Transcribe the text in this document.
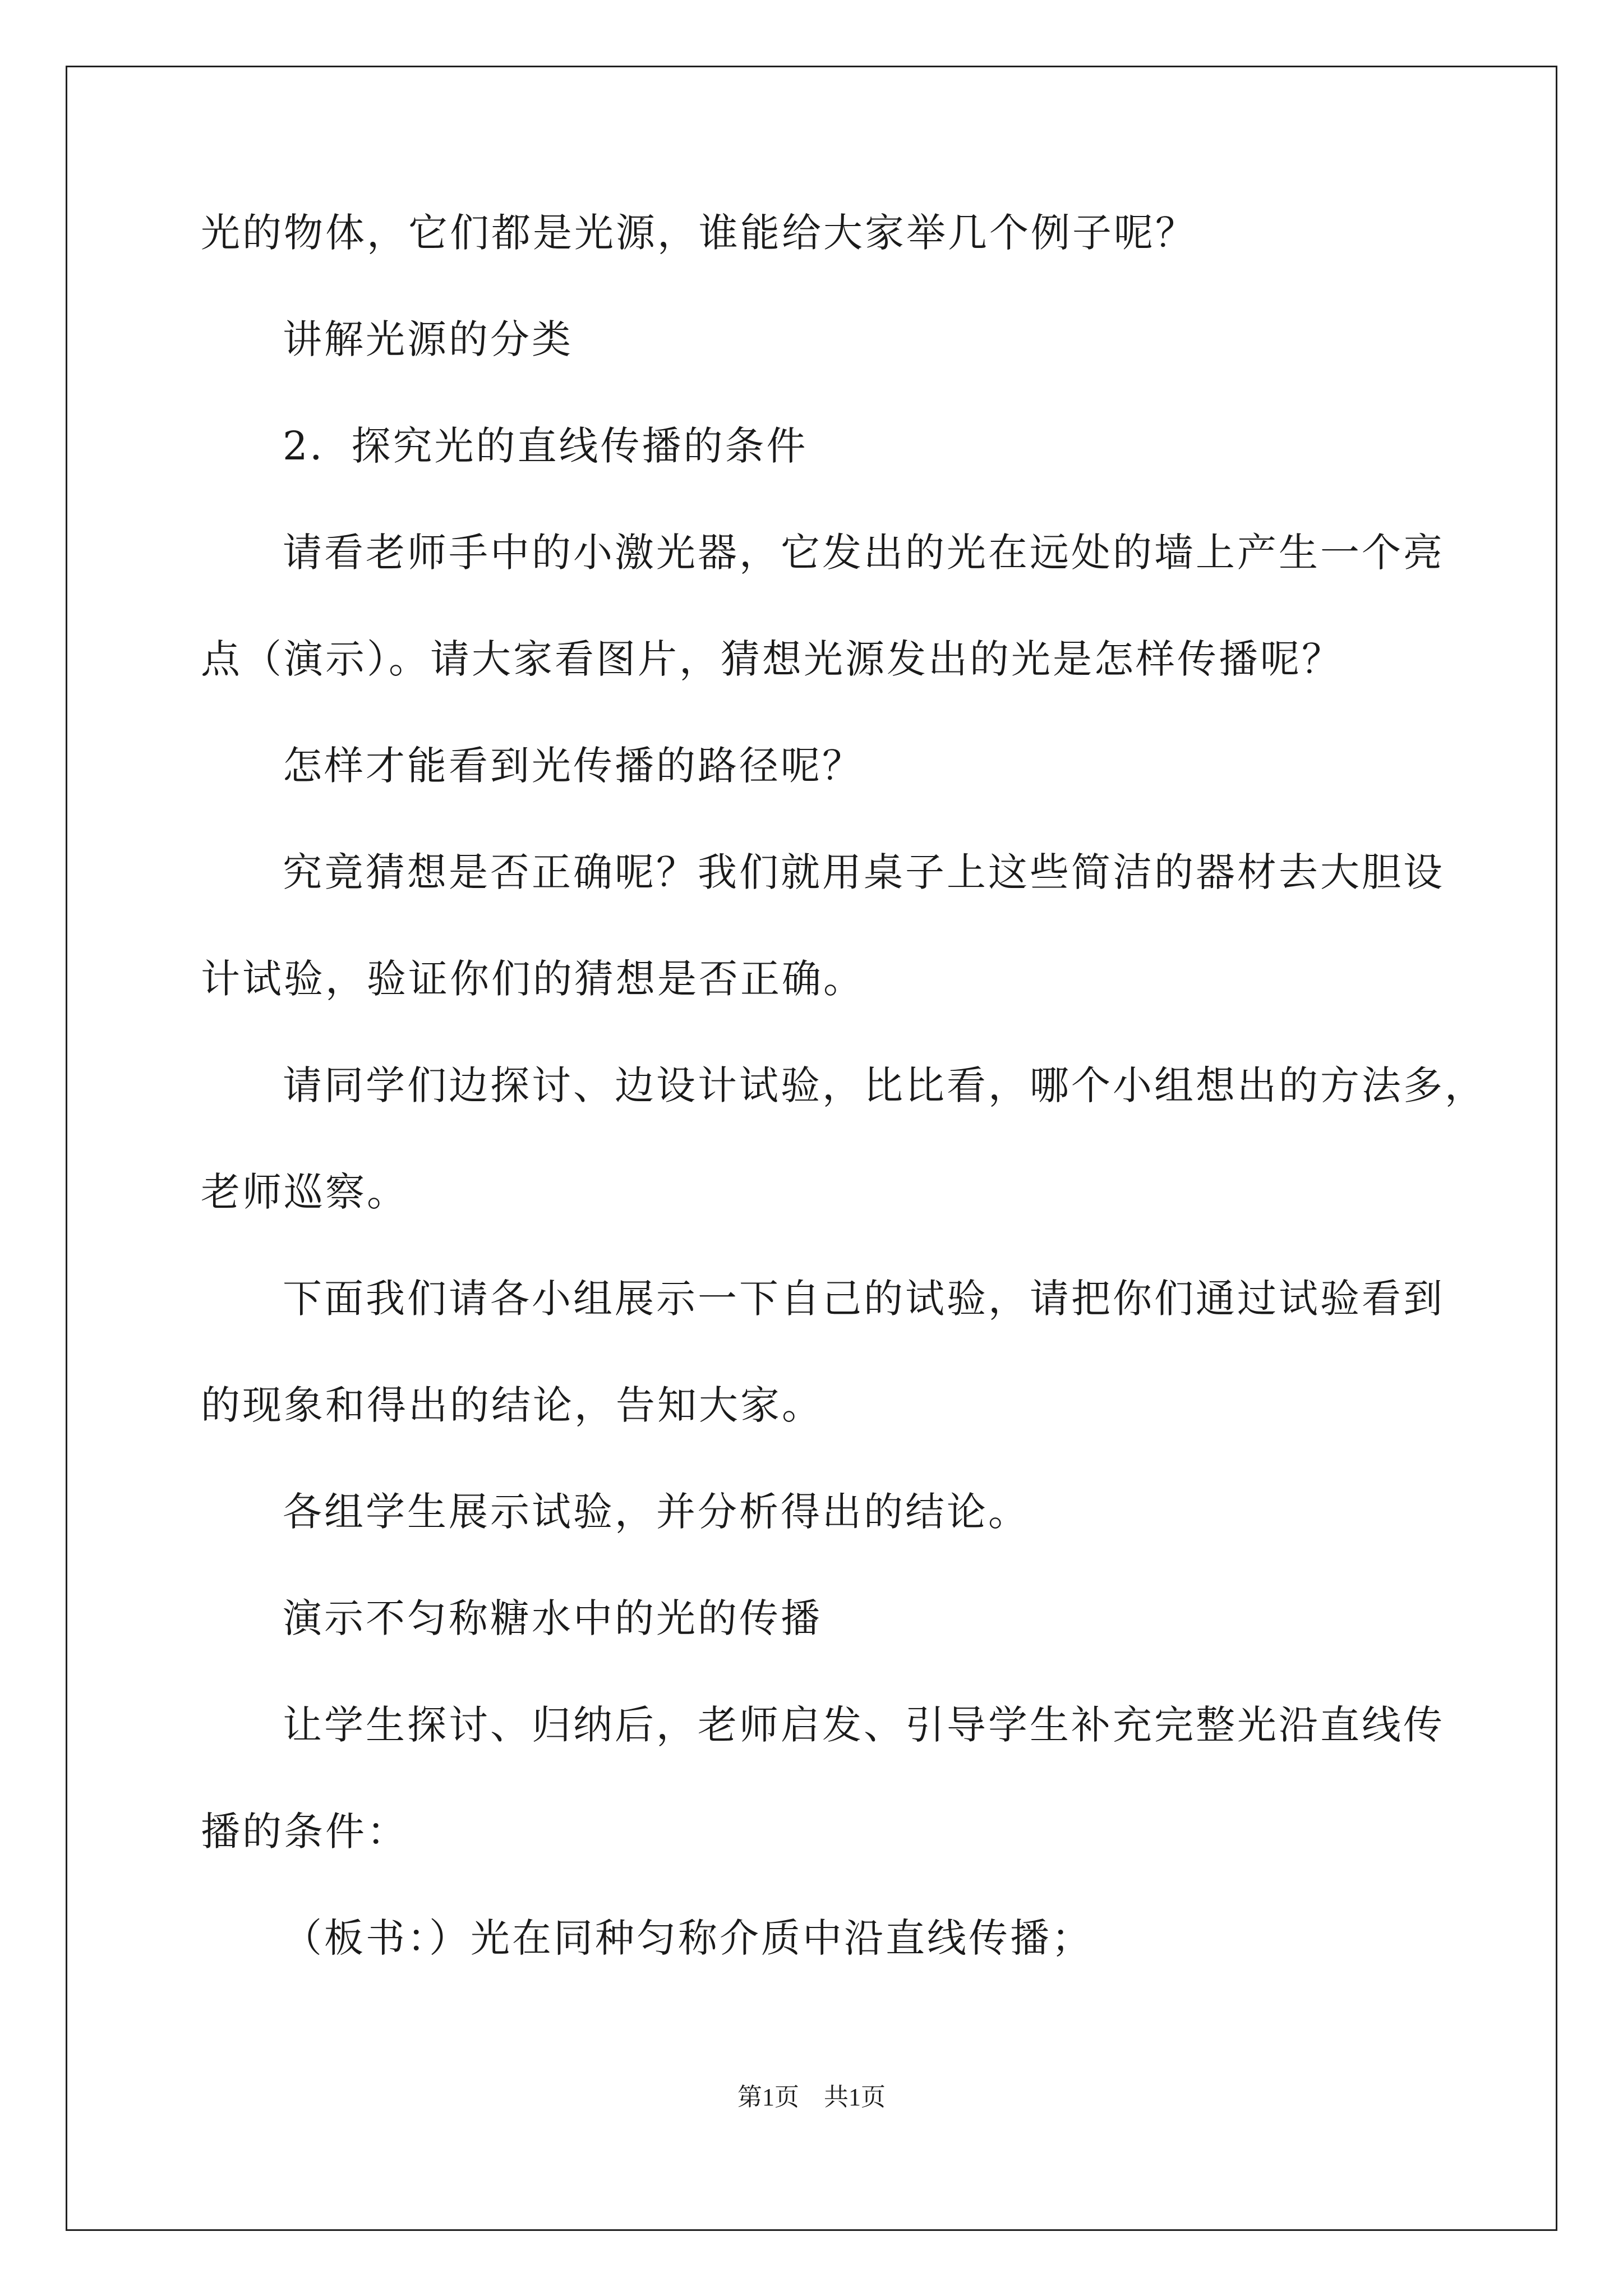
光的物体，它们都是光源，谁能给大家举几个例子呢？
讲解光源的分类
2．探究光的直线传播的条件
请看老师手中的小激光器，它发出的光在远处的墙上产生一个亮
点（演示）。请大家看图片，猜想光源发出的光是怎样传播呢？
怎样才能看到光传播的路径呢？
究竟猜想是否正确呢？我们就用桌子上这些简洁的器材去大胆设
计试验，验证你们的猜想是否正确。
请同学们边探讨、边设计试验，比比看，哪个小组想出的方法多，
老师巡察。
下面我们请各小组展示一下自己的试验，请把你们通过试验看到
的现象和得出的结论，告知大家。
各组学生展示试验，并分析得出的结论。
演示不匀称糖水中的光的传播
让学生探讨、归纳后，老师启发、引导学生补充完整光沿直线传
播的条件：
（板书：）光在同种匀称介质中沿直线传播；
第1页 共1页
